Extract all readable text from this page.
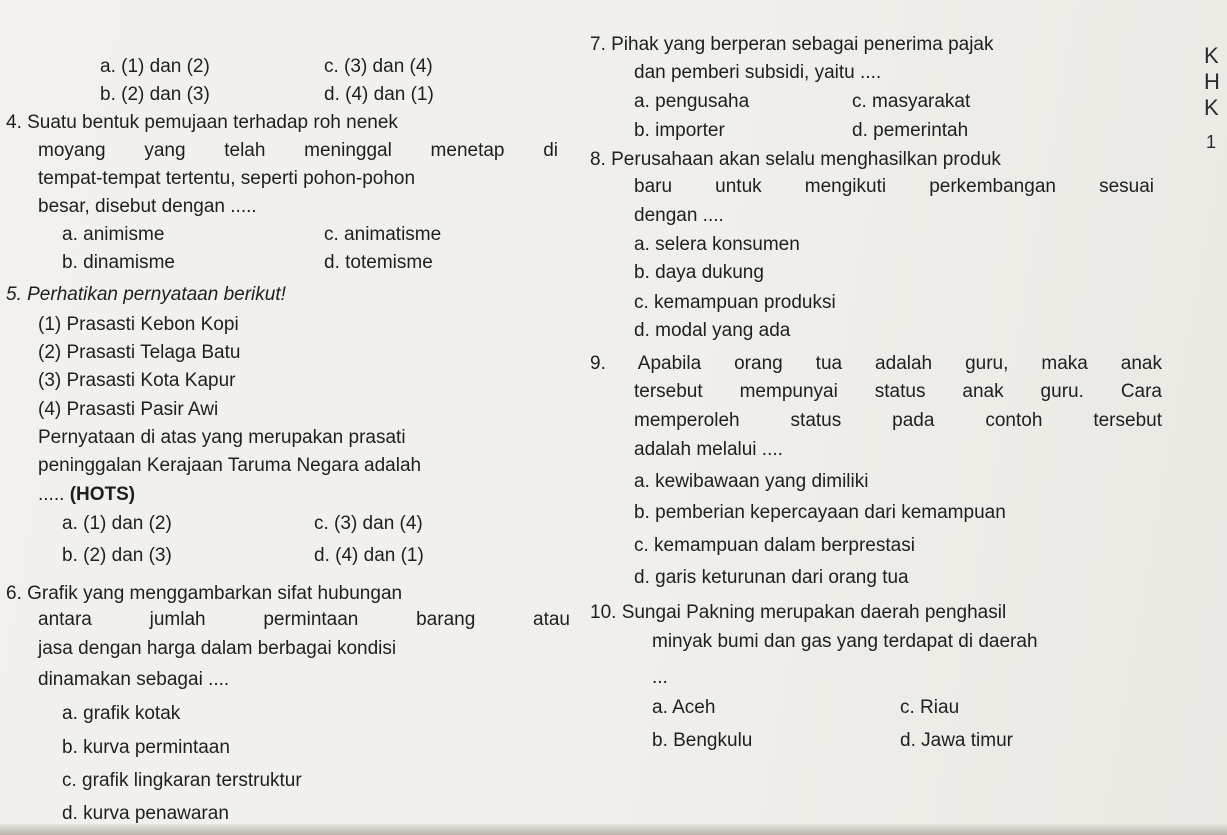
a. (1) dan (2)	c. (3) dan (4)
b. (2) dan (3)	d. (4) dan (1)
4. Suatu bentuk pemujaan terhadap roh nenek
moyang yang telah meninggal menetap di
tempat-tempat tertentu, seperti pohon-pohon
besar, disebut dengan .....
a. animisme	c. animatisme
b. dinamisme	d. totemisme
5. Perhatikan pernyataan berikut!
(1) Prasasti Kebon Kopi
(2) Prasasti Telaga Batu
(3) Prasasti Kota Kapur
(4) Prasasti Pasir Awi
Pernyataan di atas yang merupakan prasati
peninggalan Kerajaan Taruma Negara adalah
..... (HOTS)
a. (1) dan (2)	c. (3) dan (4)
b. (2) dan (3)	d. (4) dan (1)
6. Grafik yang menggambarkan sifat hubungan
antara jumlah permintaan barang atau
jasa dengan harga dalam berbagai kondisi
dinamakan sebagai ....
a. grafik kotak
b. kurva permintaan
c. grafik lingkaran terstruktur
d. kurva penawaran
7. Pihak yang berperan sebagai penerima pajak
dan pemberi subsidi, yaitu ....
a. pengusaha	c. masyarakat
b. importer	d. pemerintah
8. Perusahaan akan selalu menghasilkan produk
baru untuk mengikuti perkembangan sesuai
dengan ....
a. selera konsumen
b. daya dukung
c. kemampuan produksi
d. modal yang ada
9. Apabila orang tua adalah guru, maka anak
tersebut mempunyai status anak guru. Cara
memperoleh status pada contoh tersebut
adalah melalui ....
a. kewibawaan yang dimiliki
b. pemberian kepercayaan dari kemampuan
c. kemampuan dalam berprestasi
d. garis keturunan dari orang tua
10. Sungai Pakning merupakan daerah penghasil
minyak bumi dan gas yang terdapat di daerah
...
a. Aceh	c. Riau
b. Bengkulu	d. Jawa timur
K
H
K
1
